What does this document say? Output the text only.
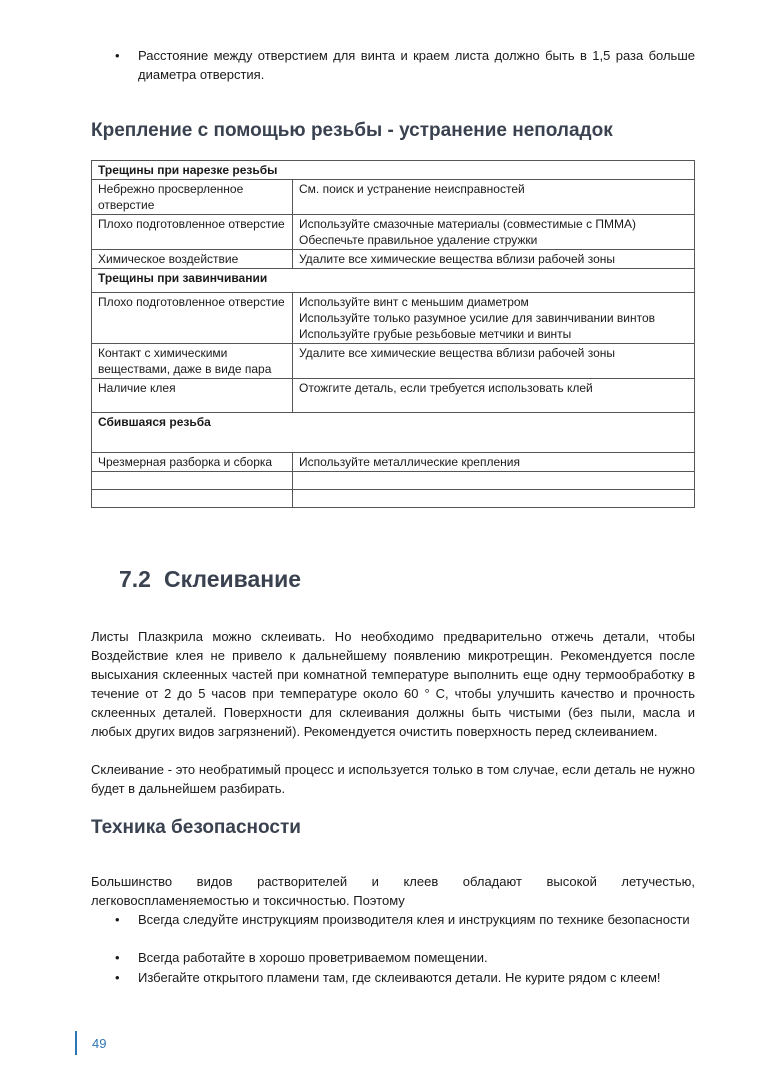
• Расстояние между отверстием для винта и краем листа должно быть в 1,5 раза больше диаметра отверстия.
Крепление с помощью резьбы - устранение неполадок
Трещины при нарезке резьбы	
Небрежно просверленное отверстие	См. поиск и устранение неисправностей

Плохо подготовленное отверстие	Используйте смазочные материалы (совместимые с ПММА)
Обеспечьте правильное удаление стружки

Химическое воздействие	Удалите все химические вещества вблизи рабочей зоны

Трещины при завинчивании	
Плохо подготовленное отверстие	Используйте винт с меньшим диаметром
Используйте только разумное усилие для завинчивании винтов
Используйте грубые резьбовые метчики и винты

Контакт с химическими веществами, даже в виде пара	Удалите все химические вещества вблизи рабочей зоны

Наличие клея	Отожгите деталь, если требуется использовать клей

Сбившаяся резьба	
Чрезмерная разборка и сборка	Используйте металлические крепления

7.2 Склеивание

Листы Плазкрила можно склеивать. Но необходимо предварительно отжечь детали, чтобы Воздействие клея не привело к дальнейшему появлению микротрещин. Рекомендуется после высыхания склеенных частей при комнатной температуре выполнить еще одну термообработку в течение от 2 до 5 часов при температуре около 60 ° C, чтобы улучшить качество и прочность склеенных деталей. Поверхности для склеивания должны быть чистыми (без пыли, масла и любых других видов загрязнений). Рекомендуется очистить поверхность перед склеиванием.

Склеивание - это необратимый процесс и используется только в том случае, если деталь не нужно будет в дальнейшем разбирать.

Техника безопасности

Большинство видов растворителей и клеев обладают высокой летучестью, легковоспламеняемостью и токсичностью. Поэтому

• Всегда следуйте инструкциям производителя клея и инструкциям по технике безопасности
• Всегда работайте в хорошо проветриваемом помещении.
• Избегайте открытого пламени там, где склеиваются детали. Не курите рядом с клеем!
49
